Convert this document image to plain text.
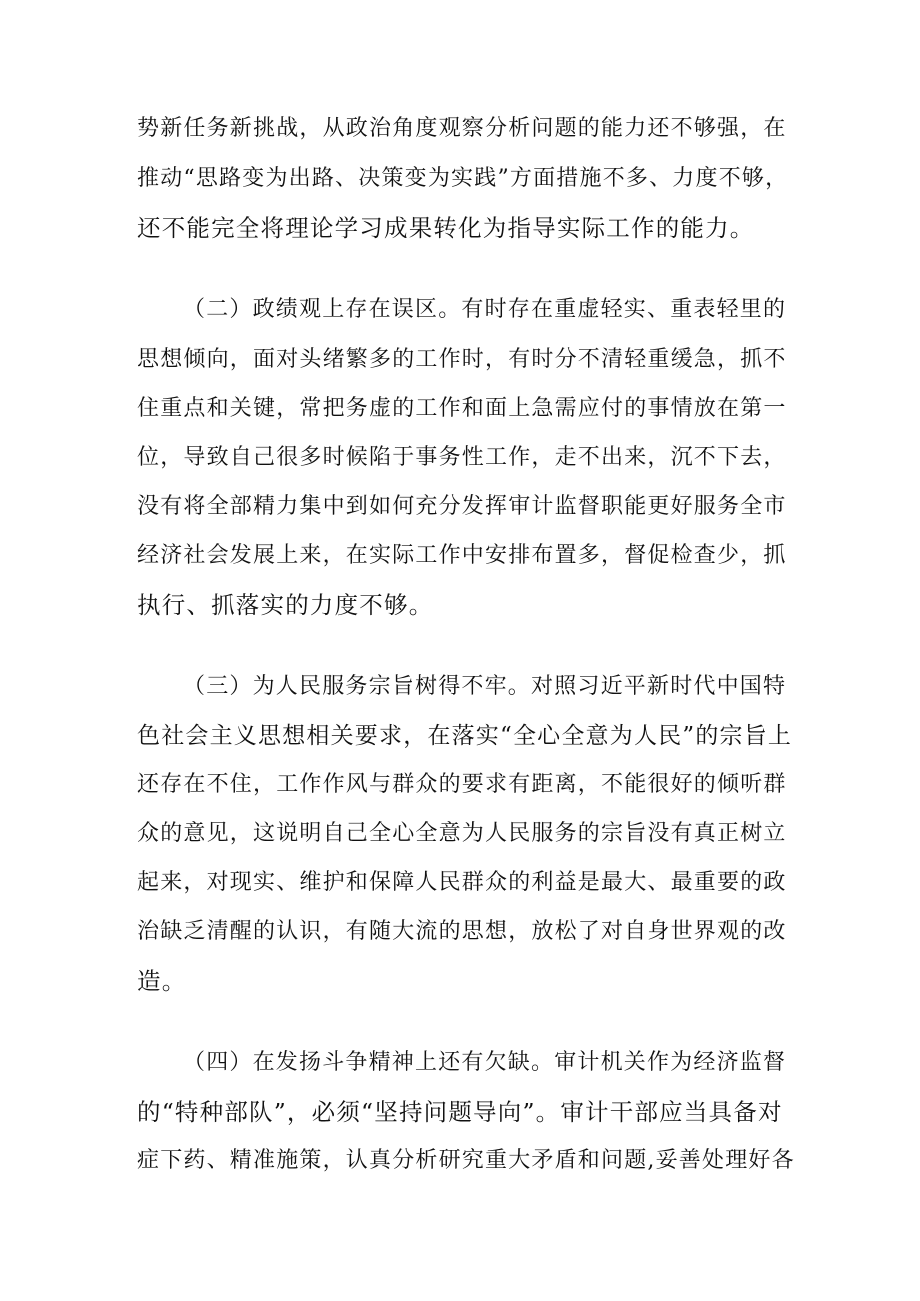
势新任务新挑战，从政治角度观察分析问题的能力还不够强，在
推动“思路变为出路、决策变为实践”方面措施不多、力度不够，
还不能完全将理论学习成果转化为指导实际工作的能力。
（二）政绩观上存在误区。有时存在重虚轻实、重表轻里的
思想倾向，面对头绪繁多的工作时，有时分不清轻重缓急，抓不
住重点和关键，常把务虚的工作和面上急需应付的事情放在第一
位，导致自己很多时候陷于事务性工作，走不出来，沉不下去，
没有将全部精力集中到如何充分发挥审计监督职能更好服务全市
经济社会发展上来，在实际工作中安排布置多，督促检查少，抓
执行、抓落实的力度不够。
（三）为人民服务宗旨树得不牢。对照习近平新时代中国特
色社会主义思想相关要求，在落实“全心全意为人民”的宗旨上
还存在不住，工作作风与群众的要求有距离，不能很好的倾听群
众的意见，这说明自己全心全意为人民服务的宗旨没有真正树立
起来，对现实、维护和保障人民群众的利益是最大、最重要的政
治缺乏清醒的认识，有随大流的思想，放松了对自身世界观的改
造。
（四）在发扬斗争精神上还有欠缺。审计机关作为经济监督
的“特种部队”，必须“坚持问题导向”。审计干部应当具备对
症下药、精准施策，认真分析研究重大矛盾和问题,妥善处理好各
